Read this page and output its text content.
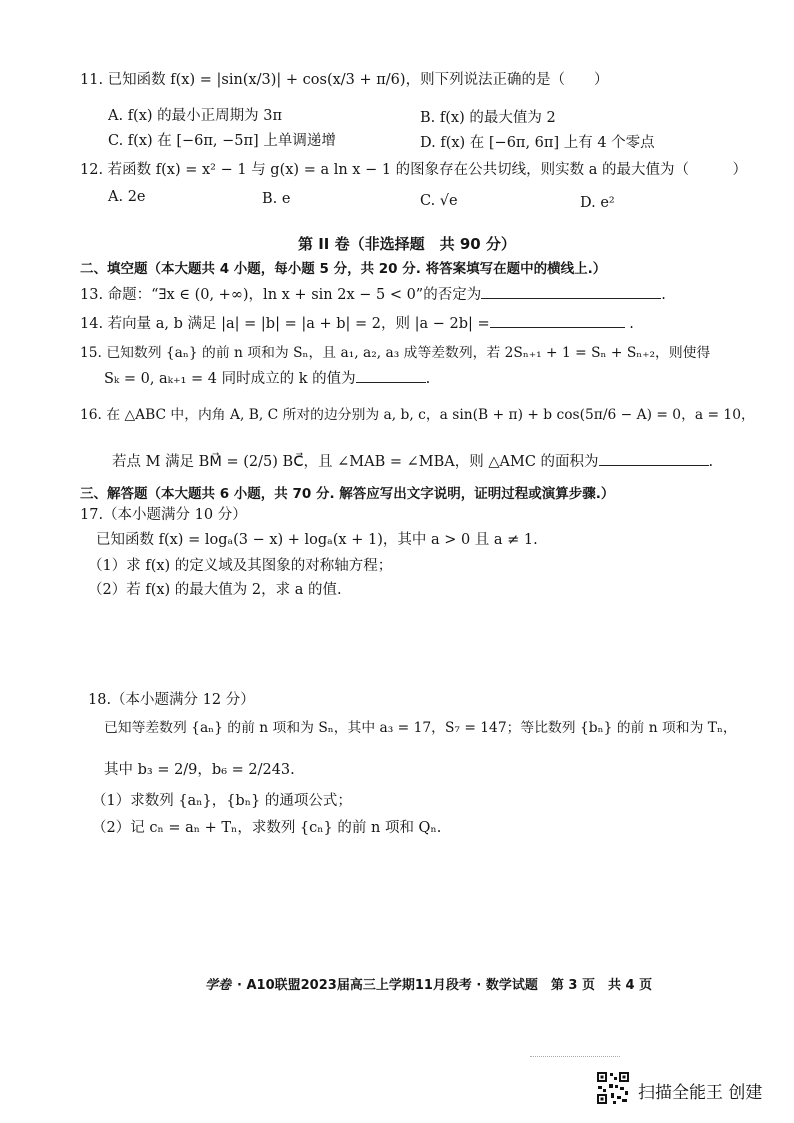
11. 已知函数 f(x) = |sin(x/3)| + cos(x/3 + π/6)，则下列说法正确的是（　　）
A. f(x) 的最小正周期为 3π	B. f(x) 的最大值为 2
C. f(x) 在 [−6π, −5π] 上单调递增	D. f(x) 在 [−6π, 6π] 上有 4 个零点
12. 若函数 f(x) = x² − 1 与 g(x) = a ln x − 1 的图象存在公共切线，则实数 a 的最大值为（　　　）
A. 2e	B. e	C. √e	D. e²
第 II 卷（非选择题　共 90 分）
二、填空题（本大题共 4 小题，每小题 5 分，共 20 分. 将答案填写在题中的横线上.）
13. 命题：“∃x ∈ (0, +∞)，ln x + sin 2x − 5 < 0”的否定为	.
14. 若向量 a, b 满足 |a| = |b| = |a + b| = 2，则 |a − 2b| =	.
15. 已知数列 {aₙ} 的前 n 项和为 Sₙ，且 a₁, a₂, a₃ 成等差数列，若 2Sₙ₊₁ + 1 = Sₙ + Sₙ₊₂，则使得
Sₖ = 0, aₖ₊₁ = 4 同时成立的 k 的值为	.
16. 在 △ABC 中，内角 A, B, C 所对的边分别为 a, b, c，a sin(B + π) + b cos(5π/6 − A) = 0，a = 10，
若点 M 满足 BM⃗ = (2/5) BC⃗，且 ∠MAB = ∠MBA，则 △AMC 的面积为	.
三、解答题（本大题共 6 小题，共 70 分. 解答应写出文字说明，证明过程或演算步骤.）
17.（本小题满分 10 分）
已知函数 f(x) = logₐ(3 − x) + logₐ(x + 1)，其中 a > 0 且 a ≠ 1.
（1）求 f(x) 的定义域及其图象的对称轴方程；
（2）若 f(x) 的最大值为 2，求 a 的值.
18.（本小题满分 12 分）
已知等差数列 {aₙ} 的前 n 项和为 Sₙ，其中 a₃ = 17，S₇ = 147；等比数列 {bₙ} 的前 n 项和为 Tₙ，
其中 b₃ = 2/9，b₆ = 2/243.
（1）求数列 {aₙ}，{bₙ} 的通项公式；
（2）记 cₙ = aₙ + Tₙ，求数列 {cₙ} 的前 n 项和 Qₙ.
学卷 · A10联盟2023届高三上学期11月段考 · 数学试题　第 3 页　共 4 页
扫描全能王 创建
